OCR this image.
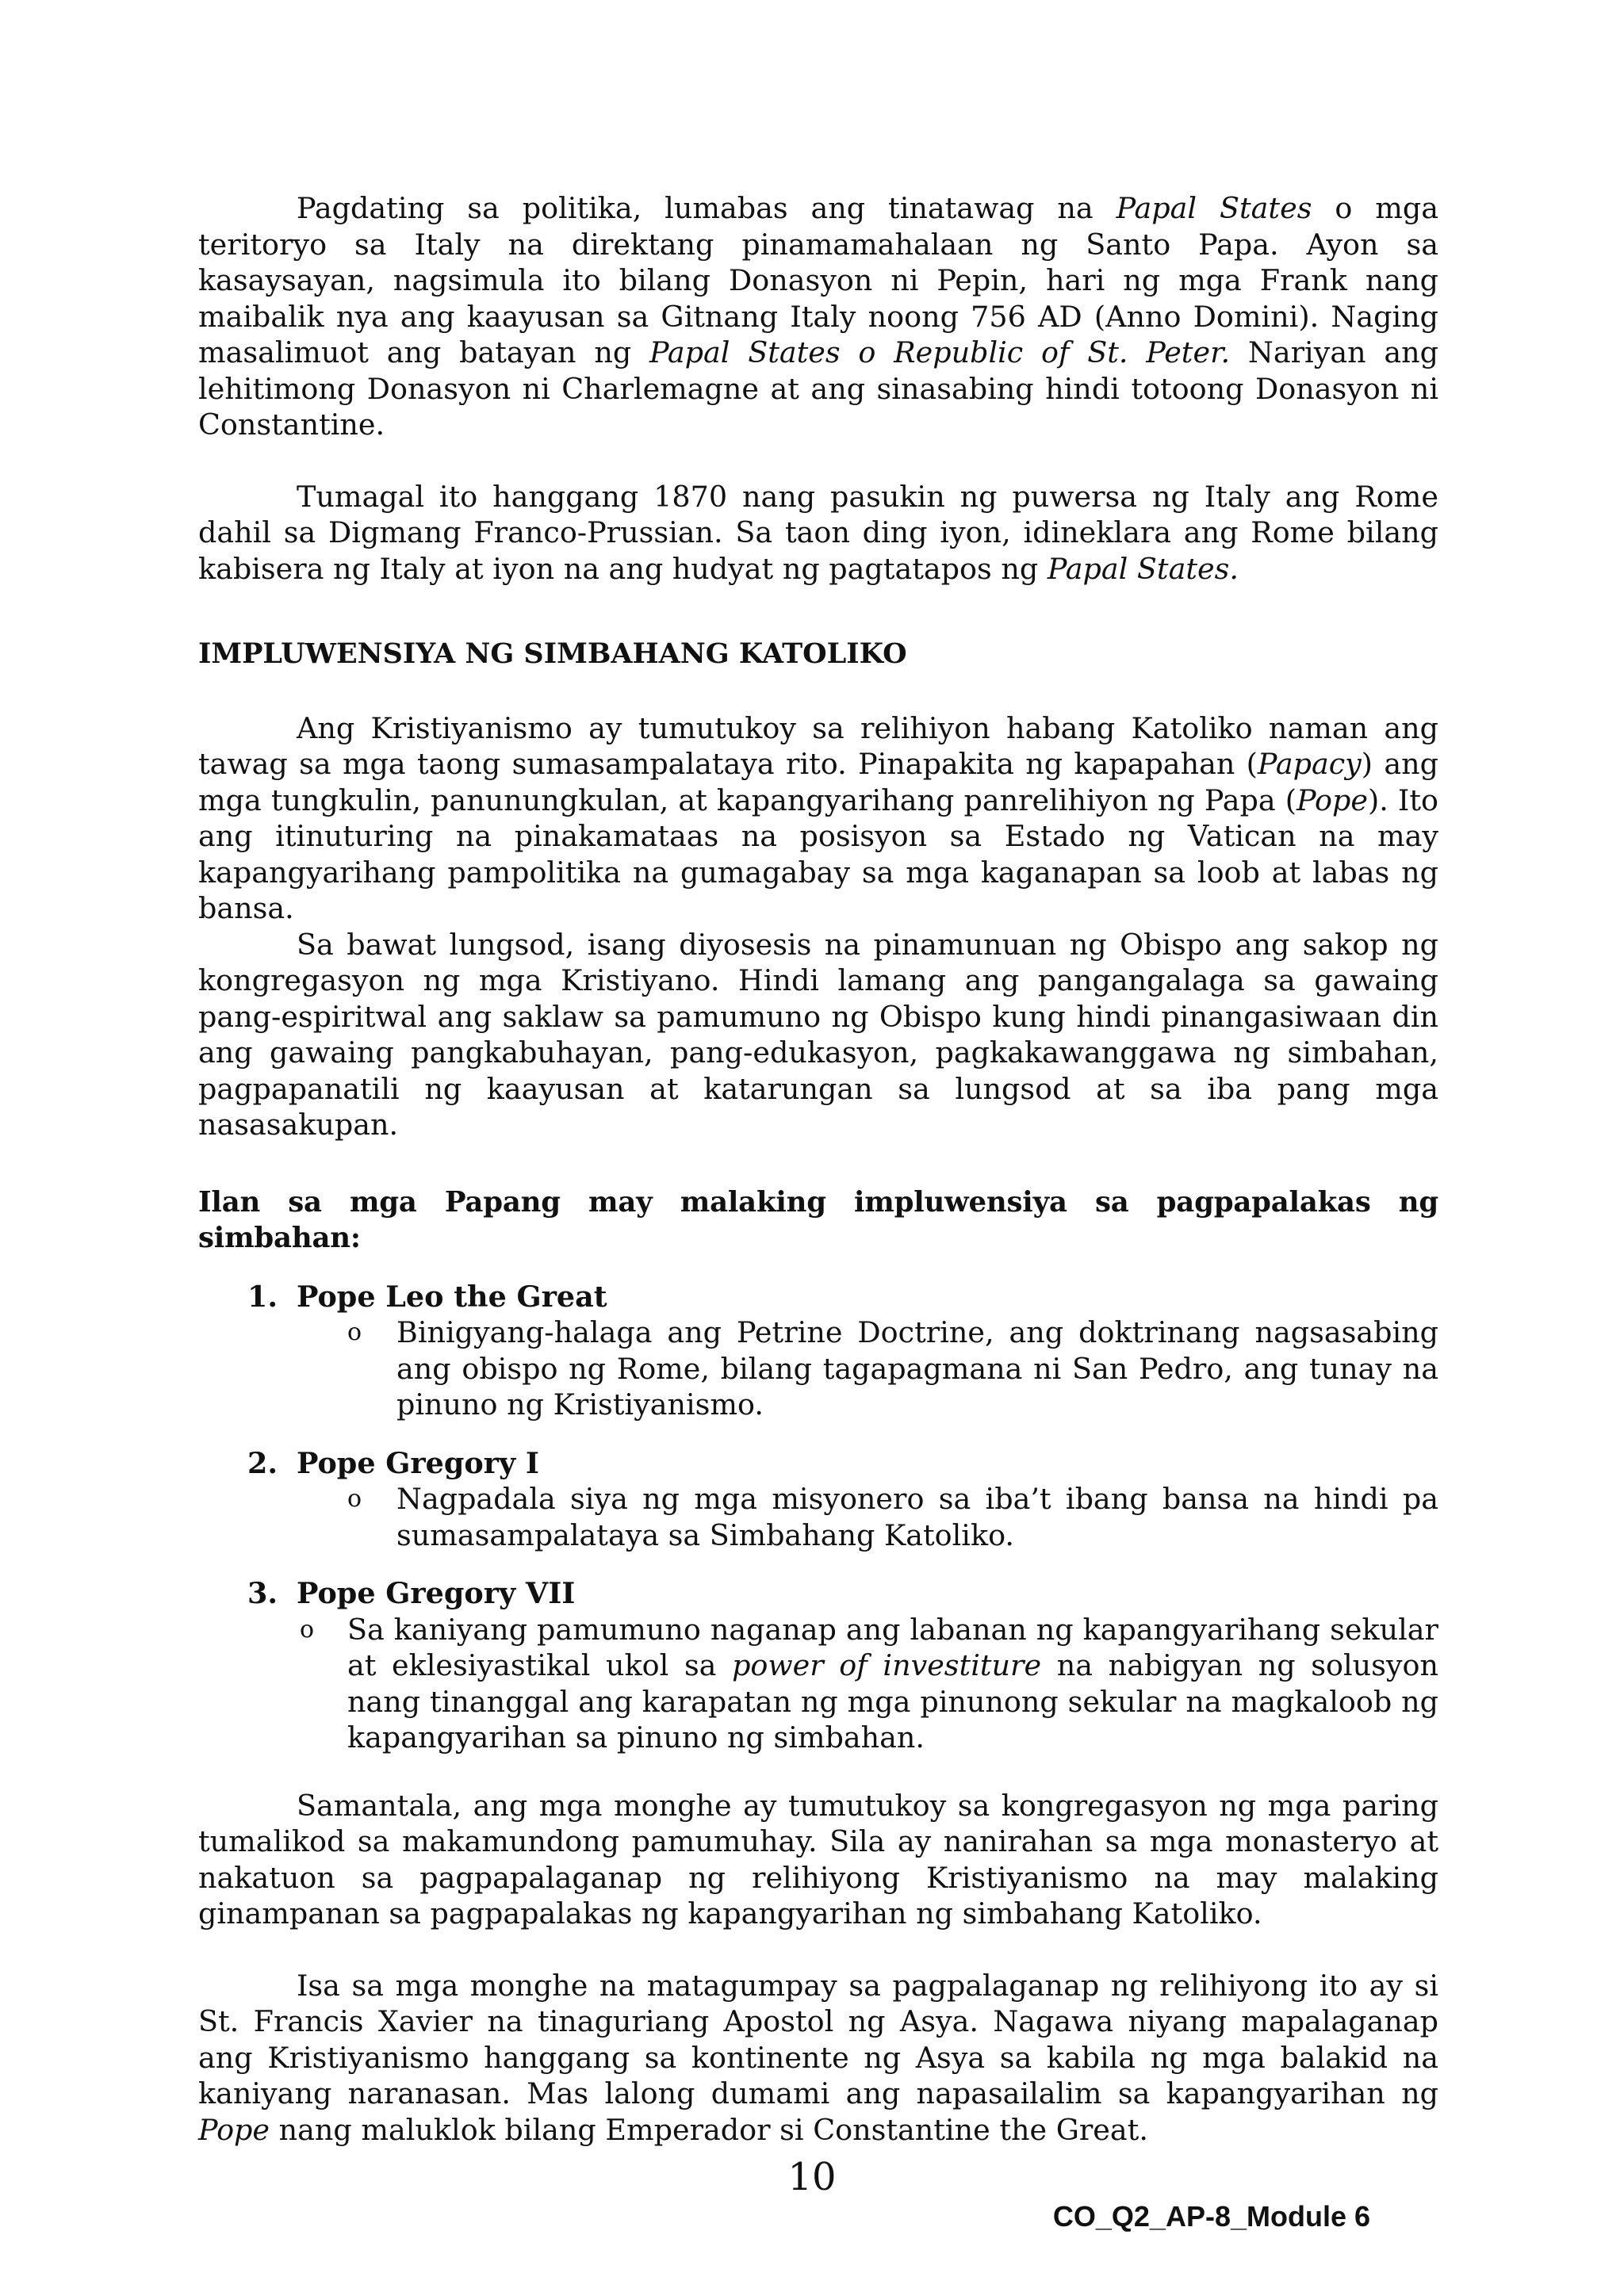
Pagdating sa politika, lumabas ang tinatawag na Papal States o mga teritoryo sa Italy na direktang pinamamahalaan ng Santo Papa. Ayon sa kasaysayan, nagsimula ito bilang Donasyon ni Pepin, hari ng mga Frank nang maibalik nya ang kaayusan sa Gitnang Italy noong 756 AD (Anno Domini). Naging masalimuot ang batayan ng Papal States o Republic of St. Peter. Nariyan ang lehitimong Donasyon ni Charlemagne at ang sinasabing hindi totoong Donasyon ni Constantine.

Tumagal ito hanggang 1870 nang pasukin ng puwersa ng Italy ang Rome dahil sa Digmang Franco-Prussian. Sa taon ding iyon, idineklara ang Rome bilang kabisera ng Italy at iyon na ang hudyat ng pagtatapos ng Papal States.

IMPLUWENSIYA NG SIMBAHANG KATOLIKO

Ang Kristiyanismo ay tumutukoy sa relihiyon habang Katoliko naman ang tawag sa mga taong sumasampalataya rito. Pinapakita ng kapapahan (Papacy) ang mga tungkulin, panunungkulan, at kapangyarihang panrelihiyon ng Papa (Pope). Ito ang itinuturing na pinakamataas na posisyon sa Estado ng Vatican na may kapangyarihang pampolitika na gumagabay sa mga kaganapan sa loob at labas ng bansa.

Sa bawat lungsod, isang diyosesis na pinamunuan ng Obispo ang sakop ng kongregasyon ng mga Kristiyano. Hindi lamang ang pangangalaga sa gawaing pang-espiritwal ang saklaw sa pamumuno ng Obispo kung hindi pinangasiwaan din ang gawaing pangkabuhayan, pang-edukasyon, pagkakawanggawa ng simbahan, pagpapanatili ng kaayusan at katarungan sa lungsod at sa iba pang mga nasasakupan.

Ilan sa mga Papang may malaking impluwensiya sa pagpapalakas ng simbahan:

1. Pope Leo the Great
o Binigyang-halaga ang Petrine Doctrine, ang doktrinang nagsasabing ang obispo ng Rome, bilang tagapagmana ni San Pedro, ang tunay na pinuno ng Kristiyanismo.
2. Pope Gregory I
o Nagpadala siya ng mga misyonero sa iba’t ibang bansa na hindi pa sumasampalataya sa Simbahang Katoliko.
3. Pope Gregory VII
o Sa kaniyang pamumuno naganap ang labanan ng kapangyarihang sekular at eklesiyastikal ukol sa power of investiture na nabigyan ng solusyon nang tinanggal ang karapatan ng mga pinunong sekular na magkaloob ng kapangyarihan sa pinuno ng simbahan.

Samantala, ang mga monghe ay tumutukoy sa kongregasyon ng mga paring tumalikod sa makamundong pamumuhay. Sila ay nanirahan sa mga monasteryo at nakatuon sa pagpapalaganap ng relihiyong Kristiyanismo na may malaking ginampanan sa pagpapalakas ng kapangyarihan ng simbahang Katoliko.

Isa sa mga monghe na matagumpay sa pagpalaganap ng relihiyong ito ay si St. Francis Xavier na tinaguriang Apostol ng Asya. Nagawa niyang mapalaganap ang Kristiyanismo hanggang sa kontinente ng Asya sa kabila ng mga balakid na kaniyang naranasan. Mas lalong dumami ang napasailalim sa kapangyarihan ng Pope nang maluklok bilang Emperador si Constantine the Great.

10
CO_Q2_AP-8_Module 6
